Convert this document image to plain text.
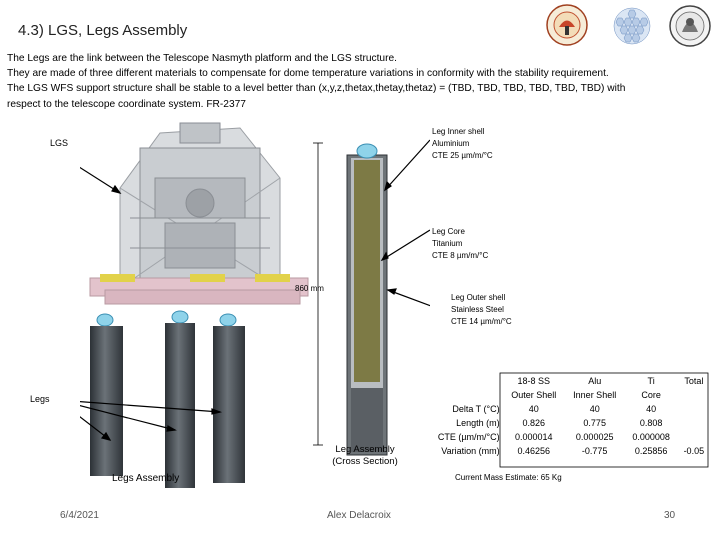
4.3) LGS, Legs Assembly
The Legs are the link between the Telescope Nasmyth platform and the LGS structure.
They are made of three different materials to compensate for dome temperature variations in conformity with the stability requirement.
The LGS WFS support structure shall be stable to a level better than (x,y,z,thetax,thetay,thetaz) = (TBD, TBD, TBD, TBD, TBD, TBD) with
respect to the telescope coordinate system. FR-2377
LGS
Legs
Legs Assembly
860 mm
Leg Assembly
(Cross Section)
Leg Inner shell
Aluminium
CTE 25 µm/m/°C
Leg Core
Titanium
CTE 8 µm/m/°C
Leg Outer shell
Stainless Steel
CTE 14 µm/m/°C
	18-8 SS	Alu	Ti	Total
	Outer Shell	Inner Shell	Core	
Delta T (°C)	40	40	40	
Length (m)	0.826	0.775	0.808	
CTE (µm/m/°C)	0.000014	0.000025	0.000008	
Variation (mm)	0.46256	-0.775	0.25856	-0.05
Current Mass Estimate: 65 Kg
6/4/2021	Alex Delacroix	30
